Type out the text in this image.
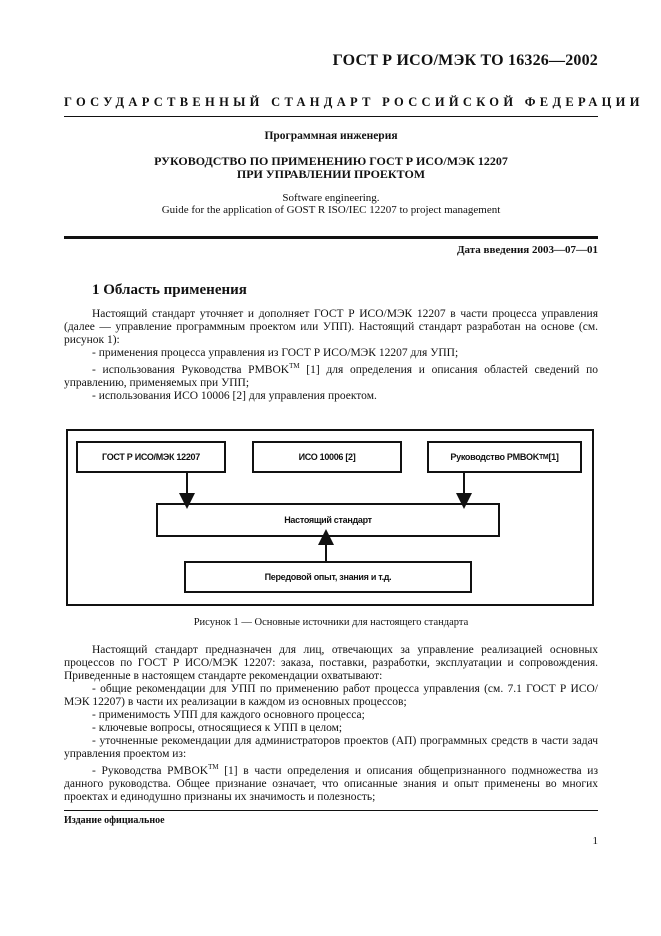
ГОСТ Р ИСО/МЭК ТО 16326—2002
ГОСУДАРСТВЕННЫЙ СТАНДАРТ РОССИЙСКОЙ ФЕДЕРАЦИИ
Программная инженерия
РУКОВОДСТВО ПО ПРИМЕНЕНИЮ ГОСТ Р ИСО/МЭК 12207
ПРИ УПРАВЛЕНИИ ПРОЕКТОМ
Software engineering.
Guide for the application of GOST R ISO/IEC 12207 to project management
Дата введения 2003—07—01
1 Область применения

Настоящий стандарт уточняет и дополняет ГОСТ Р ИСО/МЭК 12207 в части процесса управления (далее — управление программным проектом или УПП). Настоящий стандарт разработан на основе (см. рисунок 1):

- применения процесса управления из ГОСТ Р ИСО/МЭК 12207 для УПП;

- использования Руководства PMBOK™ [1] для определения и описания областей сведений по управлению, применяемых при УПП;

- использования ИСО 10006 [2] для управления проектом.

ГОСТ Р ИСО/МЭК 12207	ИСО 10006 [2]	Руководство PMBOK TM [1]
Настоящий стандарт
Передовой опыт, знания и т.д.
Рисунок 1 — Основные источники для настоящего стандарта

Настоящий стандарт предназначен для лиц, отвечающих за управление реализацией основных процессов по ГОСТ Р ИСО/МЭК 12207: заказа, поставки, разработки, эксплуатации и сопровождения. Приведенные в настоящем стандарте рекомендации охватывают:

- общие рекомендации для УПП по применению работ процесса управления (см. 7.1 ГОСТ Р ИСО/МЭК 12207) в части их реализации в каждом из основных процессов;

- применимость УПП для каждого основного процесса;

- ключевые вопросы, относящиеся к УПП в целом;

- уточненные рекомендации для администраторов проектов (АП) программных средств в части задач управления проектом из:

- Руководства PMBOK™ [1] в части определения и описания общепризнанного подмножества из данного руководства. Общее признание означает, что описанные знания и опыт применены во многих проектах и единодушно признаны их значимость и полезность;

Издание официальное
1
